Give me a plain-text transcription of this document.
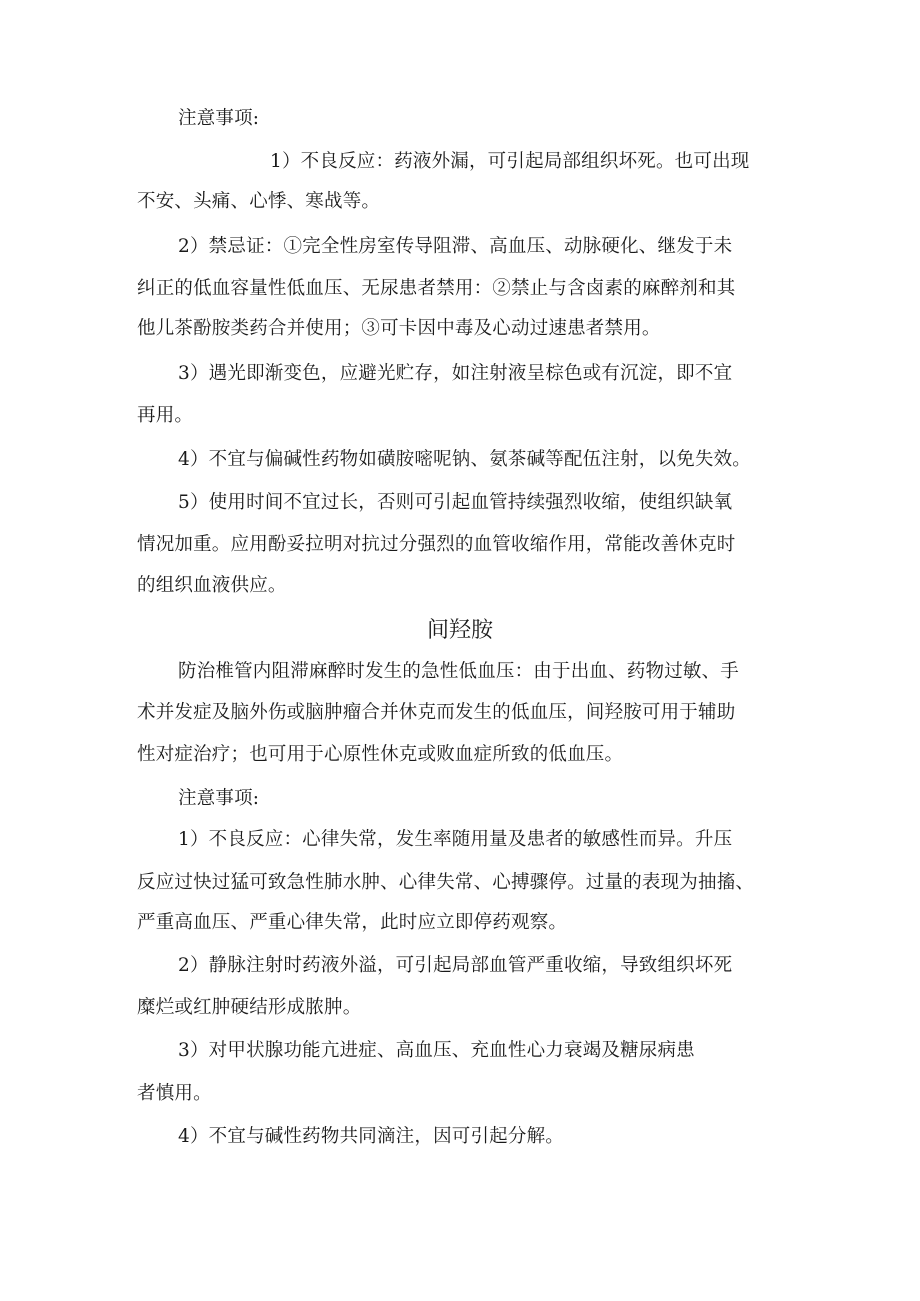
注意事项:
1）不良反应：药液外漏，可引起局部组织坏死。也可出现
不安、头痛、心悸、寒战等。
2）禁忌证：①完全性房室传导阻滞、高血压、动脉硬化、继发于未
纠正的低血容量性低血压、无尿患者禁用：②禁止与含卤素的麻醉剂和其
他儿茶酚胺类药合并使用；③可卡因中毒及心动过速患者禁用。
3）遇光即渐变色，应避光贮存，如注射液呈棕色或有沉淀，即不宜
再用。
4）不宜与偏碱性药物如磺胺嘧呢钠、氨茶碱等配伍注射，以免失效。
5）使用时间不宜过长，否则可引起血管持续强烈收缩，使组织缺氧
情况加重。应用酚妥拉明对抗过分强烈的血管收缩作用，常能改善休克时
的组织血液供应。
间羟胺
防治椎管内阻滞麻醉时发生的急性低血压：由于出血、药物过敏、手
术并发症及脑外伤或脑肿瘤合并休克而发生的低血压，间羟胺可用于辅助
性对症治疗；也可用于心原性休克或败血症所致的低血压。
注意事项:
1）不良反应：心律失常，发生率随用量及患者的敏感性而异。升压
反应过快过猛可致急性肺水肿、心律失常、心搏骤停。过量的表现为抽搐、
严重高血压、严重心律失常，此时应立即停药观察。
2）静脉注射时药液外溢，可引起局部血管严重收缩，导致组织坏死
糜烂或红肿硬结形成脓肿。
3）对甲状腺功能亢进症、高血压、充血性心力衰竭及糖尿病患
者慎用。
4）不宜与碱性药物共同滴注，因可引起分解。
